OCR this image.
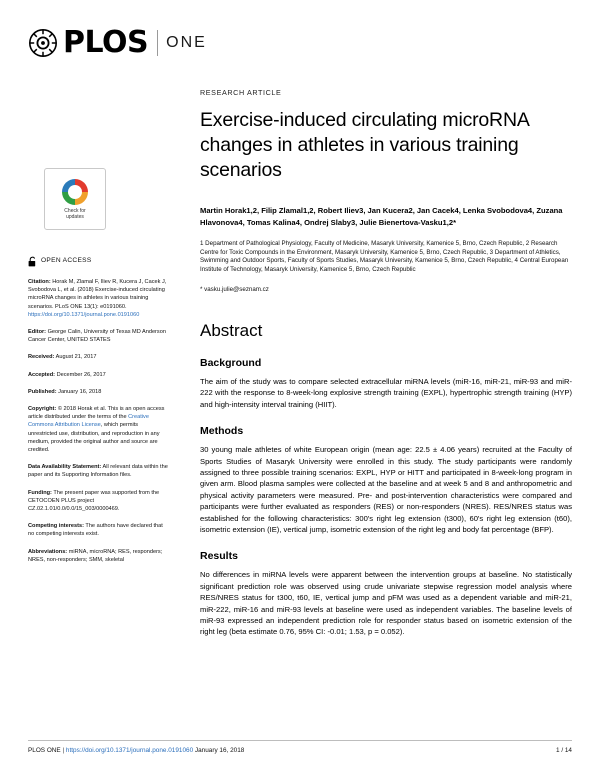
PLOS ONE
Check for
updates
OPEN ACCESS
Citation: Horak M, Zlamal F, Iliev R, Kucera J, Cacek J, Svobodova L, et al. (2018) Exercise-induced circulating microRNA changes in athletes in various training scenarios. PLoS ONE 13(1): e0191060. https://doi.org/10.1371/journal.pone.0191060
Editor: George Calin, University of Texas MD Anderson Cancer Center, UNITED STATES
Received: August 21, 2017
Accepted: December 26, 2017
Published: January 16, 2018
Copyright: © 2018 Horak et al. This is an open access article distributed under the terms of the Creative Commons Attribution License, which permits unrestricted use, distribution, and reproduction in any medium, provided the original author and source are credited.
Data Availability Statement: All relevant data within the paper and its Supporting Information files.
Funding: The present paper was supported from the CETOCOEN PLUS project CZ.02.1.01/0.0/0.0/15_003/0000469.
Competing interests: The authors have declared that no competing interests exist.
Abbreviations: miRNA, microRNA; RES, responders; NRES, non-responders; SMM, skeletal
RESEARCH ARTICLE
Exercise-induced circulating microRNA changes in athletes in various training scenarios
Martin Horak1,2, Filip Zlamal1,2, Robert Iliev3, Jan Kucera2, Jan Cacek4, Lenka Svobodova4, Zuzana Hlavonova4, Tomas Kalina4, Ondrej Slaby3, Julie Bienertova-Vasku1,2*
1 Department of Pathological Physiology, Faculty of Medicine, Masaryk University, Kamenice 5, Brno, Czech Republic, 2 Research Centre for Toxic Compounds in the Environment, Masaryk University, Kamenice 5, Brno, Czech Republic, 3 Department of Athletics, Swimming and Outdoor Sports, Faculty of Sports Studies, Masaryk University, Kamenice 5, Brno, Czech Republic, 4 Central European Institute of Technology, Masaryk University, Kamenice 5, Brno, Czech Republic
* vasku.julie@seznam.cz
Abstract
Background

The aim of the study was to compare selected extracellular miRNA levels (miR-16, miR-21, miR-93 and miR-222 with the response to 8-week-long explosive strength training (EXPL), hypertrophic strength training (HYP) and high-intensity interval training (HIIT).

Methods

30 young male athletes of white European origin (mean age: 22.5 ± 4.06 years) recruited at the Faculty of Sports Studies of Masaryk University were enrolled in this study. The study participants were randomly assigned to three possible training scenarios: EXPL, HYP or HITT and participated in 8-week-long program in given arm. Blood plasma samples were collected at the baseline and at week 5 and 8 and anthropometric and physical activity parameters were measured. Pre- and post-intervention characteristics were compared and participants were further evaluated as responders (RES) or non-responders (NRES). RES/NRES status was established for the following characteristics: 300's right leg extension (t300), 60's right leg extension (t60), isometric extension (IE), vertical jump, isometric extension of the right leg and body fat percentage (BFP).

Results

No differences in miRNA levels were apparent between the intervention groups at baseline. No statistically significant prediction role was observed using crude univariate stepwise regression model analysis where RES/NRES status for t300, t60, IE, vertical jump and pFM was used as a dependent variable and miR-21, miR-222, miR-16 and miR-93 levels at baseline were used as independent variables. The baseline levels of miR-93 expressed an independent prediction role for responder status based on isometric extension of the right leg (beta estimate 0.76, 95% CI: -0.01; 1.53, p = 0.052).

PLOS ONE | https://doi.org/10.1371/journal.pone.0191060 January 16, 2018	1 / 14
